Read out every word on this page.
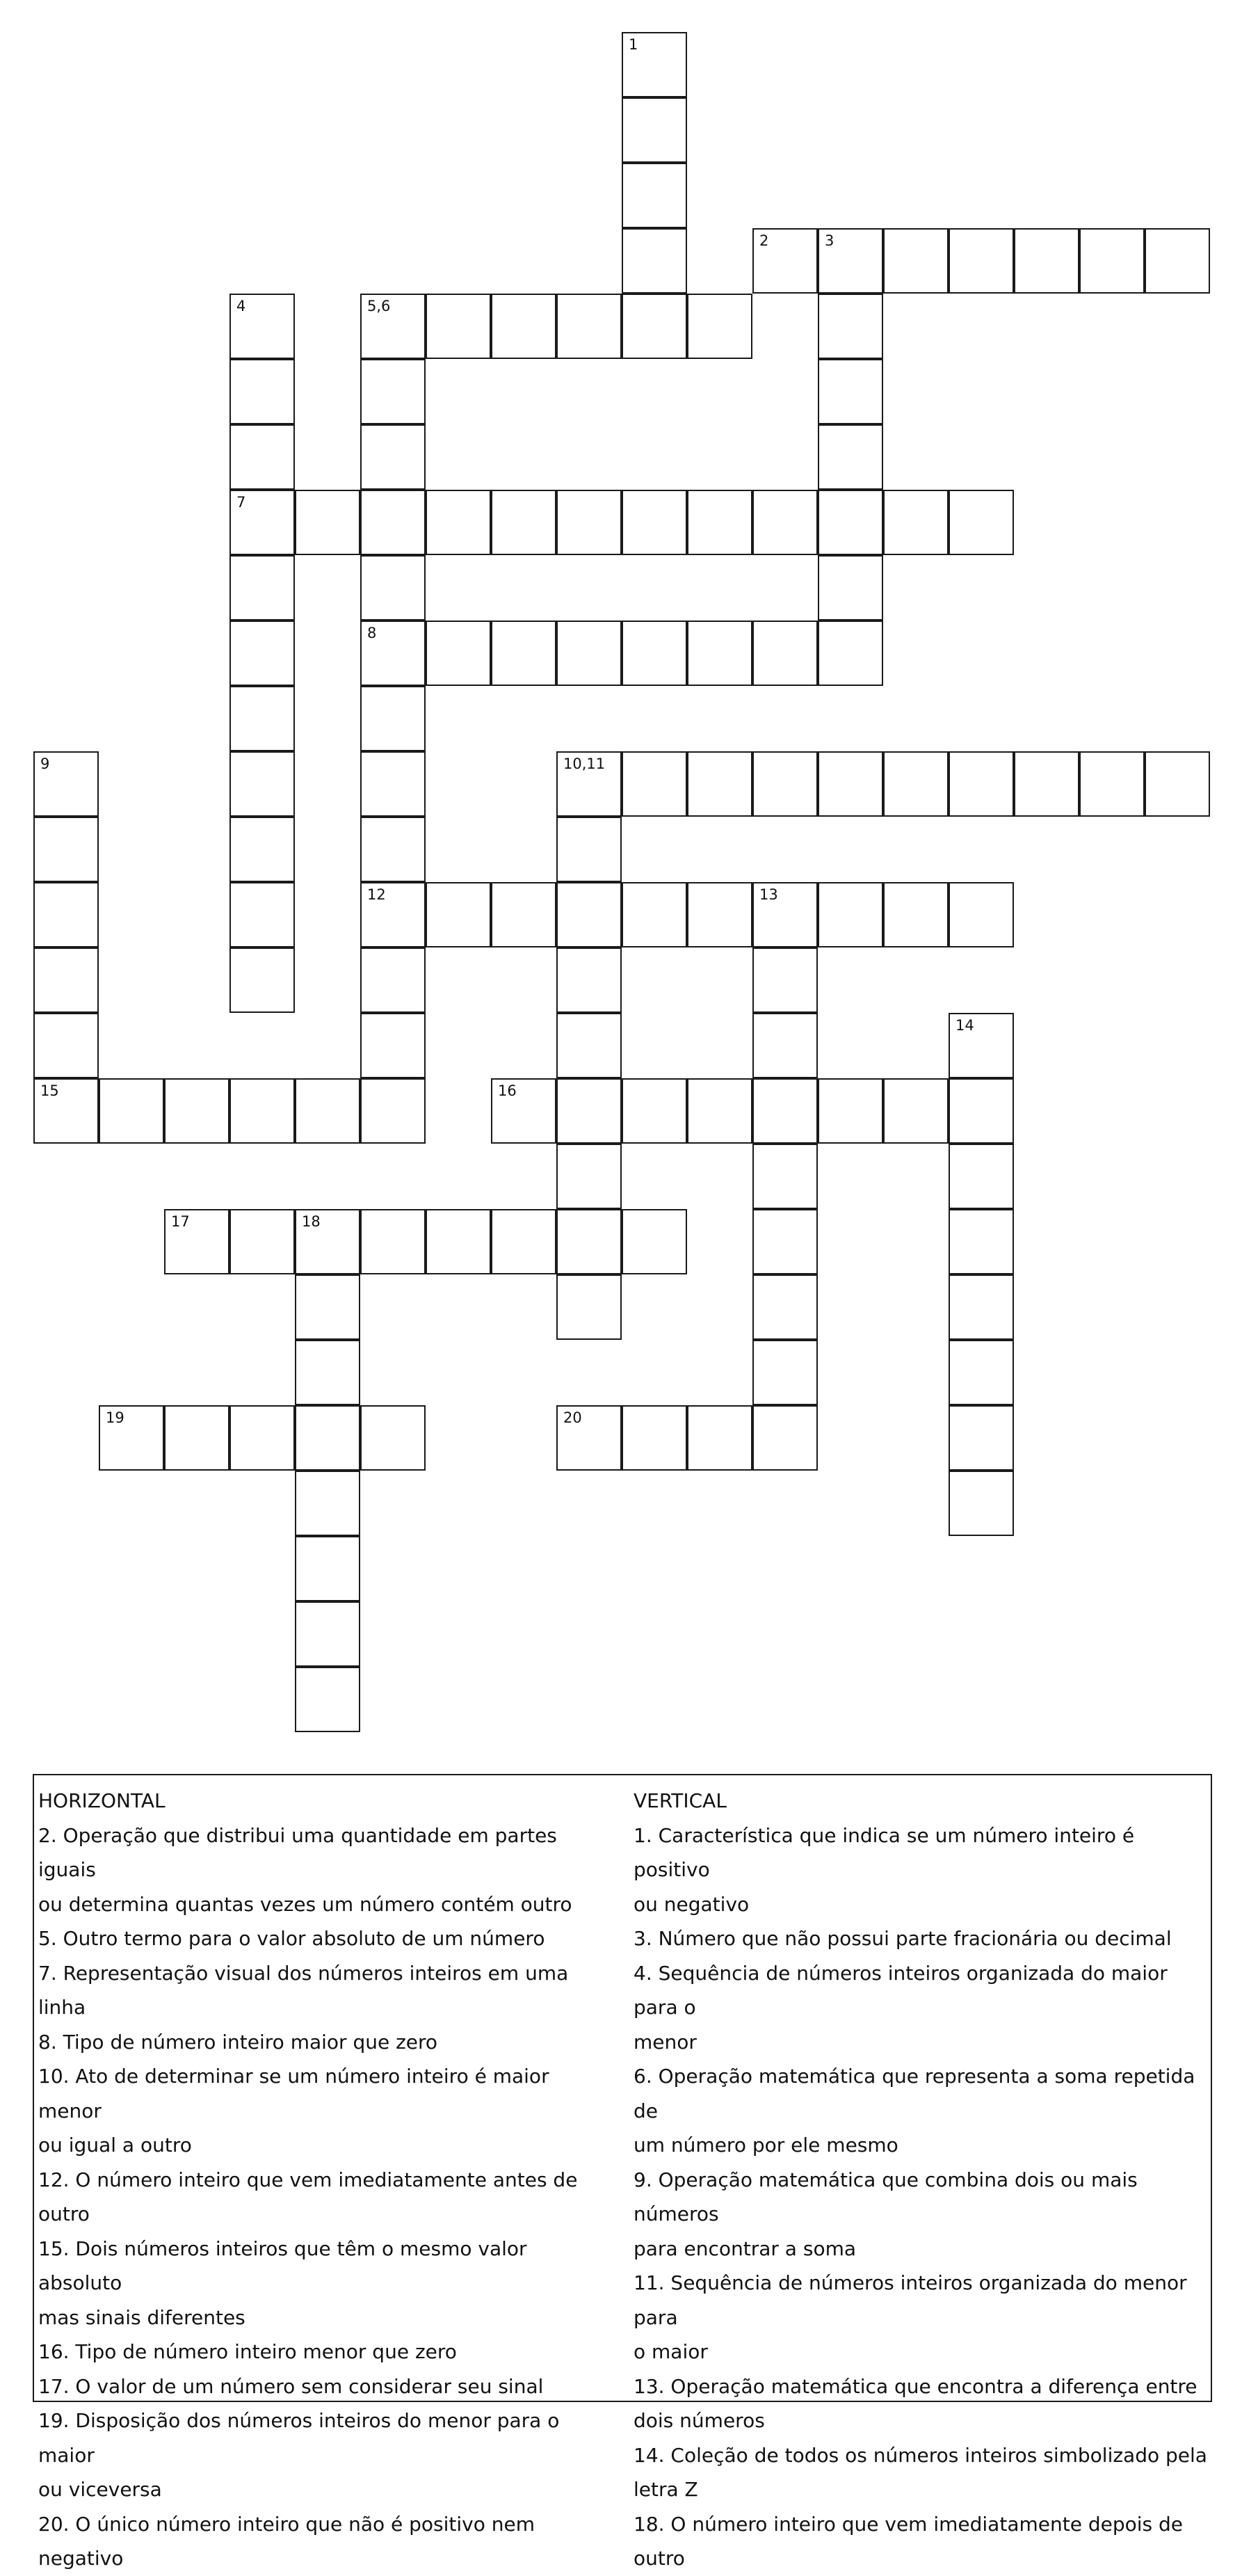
1
2	3
4	5,6
7
8
9	10,11
12	13
14
15	16
17	18
19	20
HORIZONTAL
2. Operação que distribui uma quantidade em partes iguais
ou determina quantas vezes um número contém outro
5. Outro termo para o valor absoluto de um número
7. Representação visual dos números inteiros em uma linha
8. Tipo de número inteiro maior que zero
10. Ato de determinar se um número inteiro é maior menor
ou igual a outro
12. O número inteiro que vem imediatamente antes de outro
15. Dois números inteiros que têm o mesmo valor absoluto
mas sinais diferentes
16. Tipo de número inteiro menor que zero
17. O valor de um número sem considerar seu sinal
19. Disposição dos números inteiros do menor para o maior
ou viceversa
20. O único número inteiro que não é positivo nem negativo
VERTICAL
1. Característica que indica se um número inteiro é positivo
ou negativo
3. Número que não possui parte fracionária ou decimal
4. Sequência de números inteiros organizada do maior para o
menor
6. Operação matemática que representa a soma repetida de
um número por ele mesmo
9. Operação matemática que combina dois ou mais números
para encontrar a soma
11. Sequência de números inteiros organizada do menor para
o maior
13. Operação matemática que encontra a diferença entre
dois números
14. Coleção de todos os números inteiros simbolizado pela
letra Z
18. O número inteiro que vem imediatamente depois de outro
